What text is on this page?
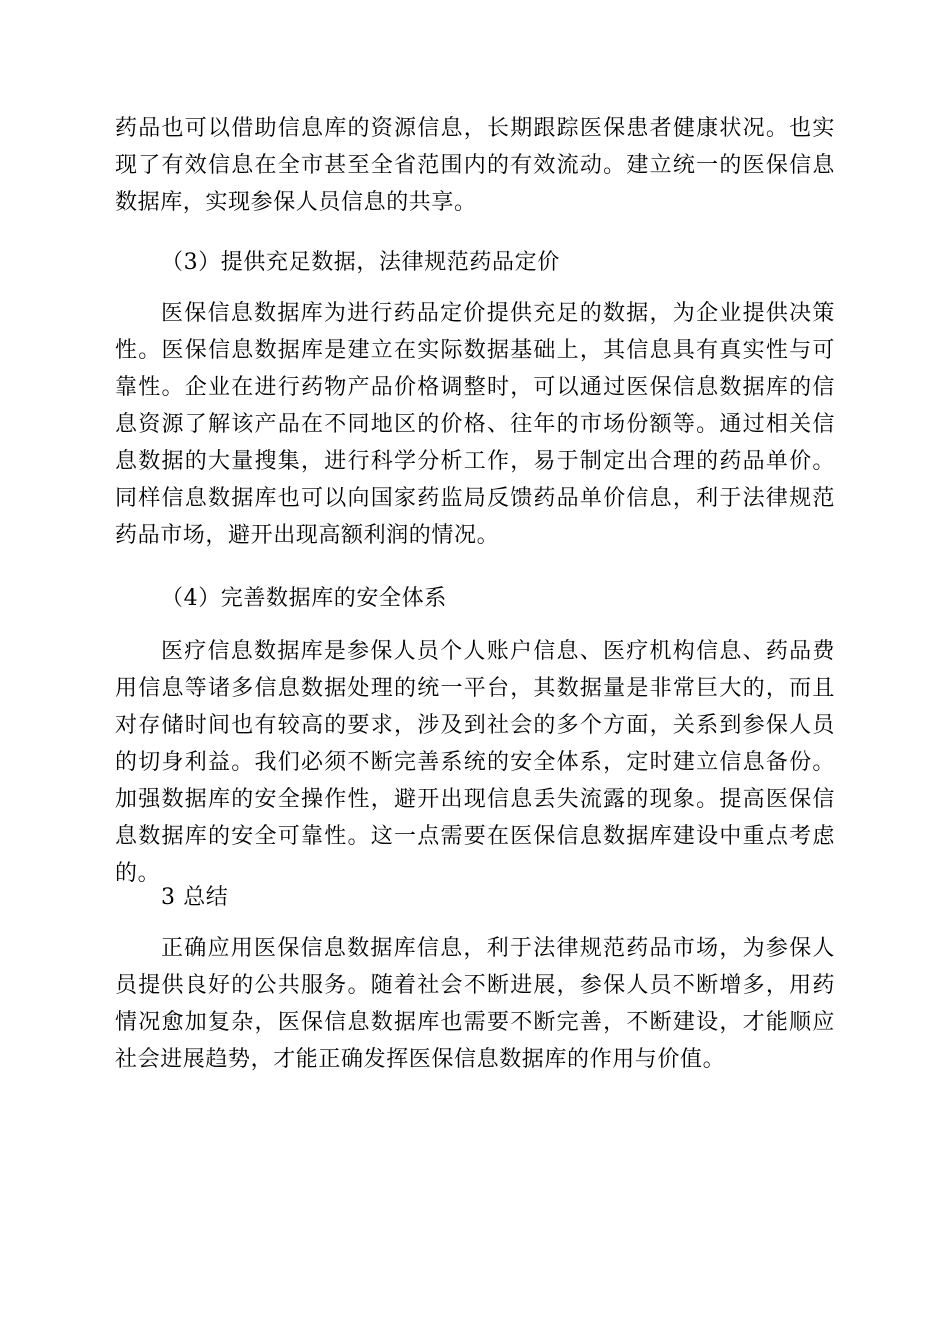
药品也可以借助信息库的资源信息，长期跟踪医保患者健康状况。也实现了有效信息在全市甚至全省范围内的有效流动。建立统一的医保信息数据库，实现参保人员信息的共享。

（3）提供充足数据，法律规范药品定价

医保信息数据库为进行药品定价提供充足的数据，为企业提供决策性。医保信息数据库是建立在实际数据基础上，其信息具有真实性与可靠性。企业在进行药物产品价格调整时，可以通过医保信息数据库的信息资源了解该产品在不同地区的价格、往年的市场份额等。通过相关信息数据的大量搜集，进行科学分析工作，易于制定出合理的药品单价。同样信息数据库也可以向国家药监局反馈药品单价信息，利于法律规范药品市场，避开出现高额利润的情况。

（4）完善数据库的安全体系

医疗信息数据库是参保人员个人账户信息、医疗机构信息、药品费用信息等诸多信息数据处理的统一平台，其数据量是非常巨大的，而且对存储时间也有较高的要求，涉及到社会的多个方面，关系到参保人员的切身利益。我们必须不断完善系统的安全体系，定时建立信息备份。加强数据库的安全操作性，避开出现信息丢失流露的现象。提高医保信息数据库的安全可靠性。这一点需要在医保信息数据库建设中重点考虑的。

3 总结

正确应用医保信息数据库信息，利于法律规范药品市场，为参保人员提供良好的公共服务。随着社会不断进展，参保人员不断增多，用药情况愈加复杂，医保信息数据库也需要不断完善，不断建设，才能顺应社会进展趋势，才能正确发挥医保信息数据库的作用与价值。
